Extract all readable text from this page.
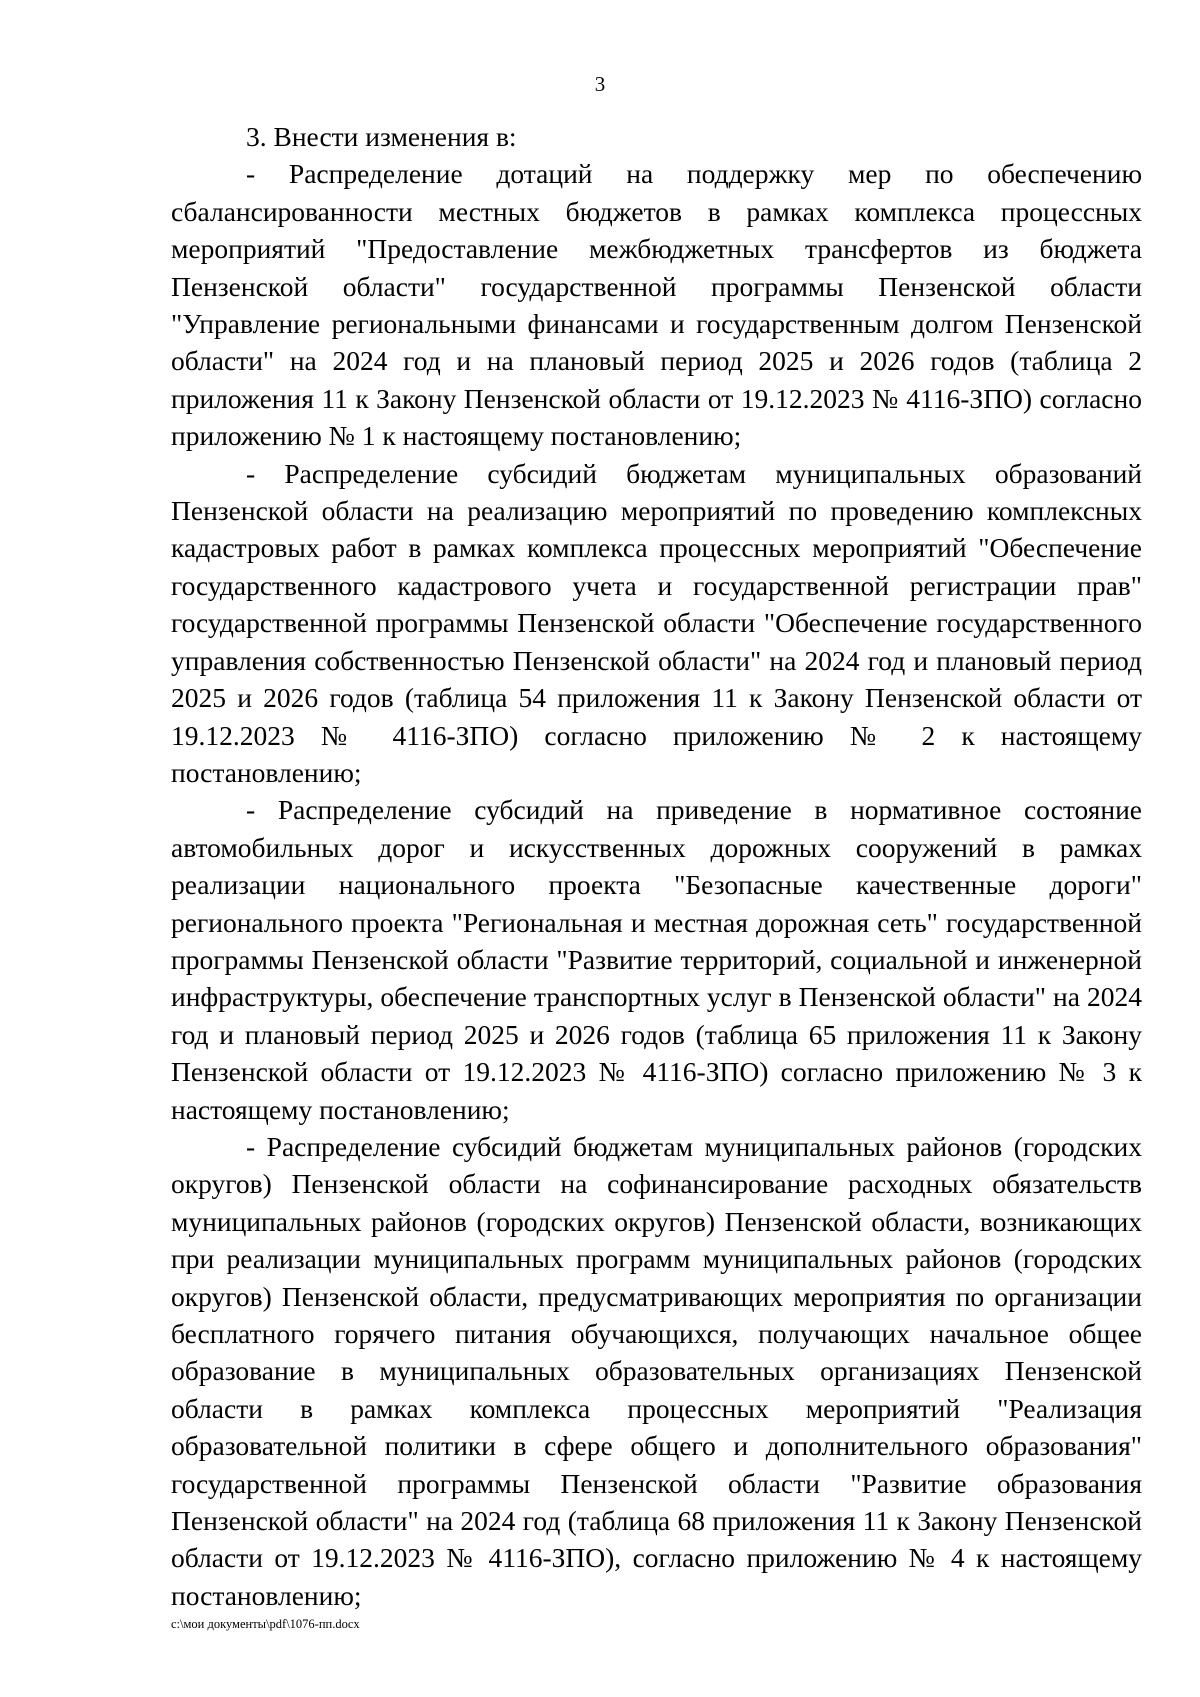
3

3. Внести изменения в:

- Распределение дотаций на поддержку мер по обеспечению сбалансированности местных бюджетов в рамках комплекса процессных мероприятий "Предоставление межбюджетных трансфертов из бюджета Пензенской области" государственной программы Пензенской области "Управление региональными финансами и государственным долгом Пензенской области" на 2024 год и на плановый период 2025 и 2026 годов (таблица 2 приложения 11 к Закону Пензенской области от 19.12.2023 № 4116-ЗПО) согласно приложению № 1 к настоящему постановлению;

- Распределение субсидий бюджетам муниципальных образований Пензенской области на реализацию мероприятий по проведению комплексных кадастровых работ в рамках комплекса процессных мероприятий "Обеспечение государственного кадастрового учета и государственной регистрации прав" государственной программы Пензенской области "Обеспечение государственного управления собственностью Пензенской области" на 2024 год и плановый период 2025 и 2026 годов (таблица 54 приложения 11 к Закону Пензенской области от 19.12.2023 № 4116-ЗПО) согласно приложению № 2 к настоящему постановлению;

- Распределение субсидий на приведение в нормативное состояние автомобильных дорог и искусственных дорожных сооружений в рамках реализации национального проекта "Безопасные качественные дороги" регионального проекта "Региональная и местная дорожная сеть" государственной программы Пензенской области "Развитие территорий, социальной и инженерной инфраструктуры, обеспечение транспортных услуг в Пензенской области" на 2024 год и плановый период 2025 и 2026 годов (таблица 65 приложения 11 к Закону Пензенской области от 19.12.2023 № 4116-ЗПО) согласно приложению № 3 к настоящему постановлению;

- Распределение субсидий бюджетам муниципальных районов (городских округов) Пензенской области на софинансирование расходных обязательств муниципальных районов (городских округов) Пензенской области, возникающих при реализации муниципальных программ муниципальных районов (городских округов) Пензенской области, предусматривающих мероприятия по организации бесплатного горячего питания обучающихся, получающих начальное общее образование в муниципальных образовательных организациях Пензенской области в рамках комплекса процессных мероприятий "Реализация образовательной политики в сфере общего и дополнительного образования" государственной программы Пензенской области "Развитие образования Пензенской области" на 2024 год (таблица 68 приложения 11 к Закону Пензенской области от 19.12.2023 № 4116-ЗПО), согласно приложению № 4 к настоящему постановлению;

c:\мои документы\pdf\1076-пп.docx
